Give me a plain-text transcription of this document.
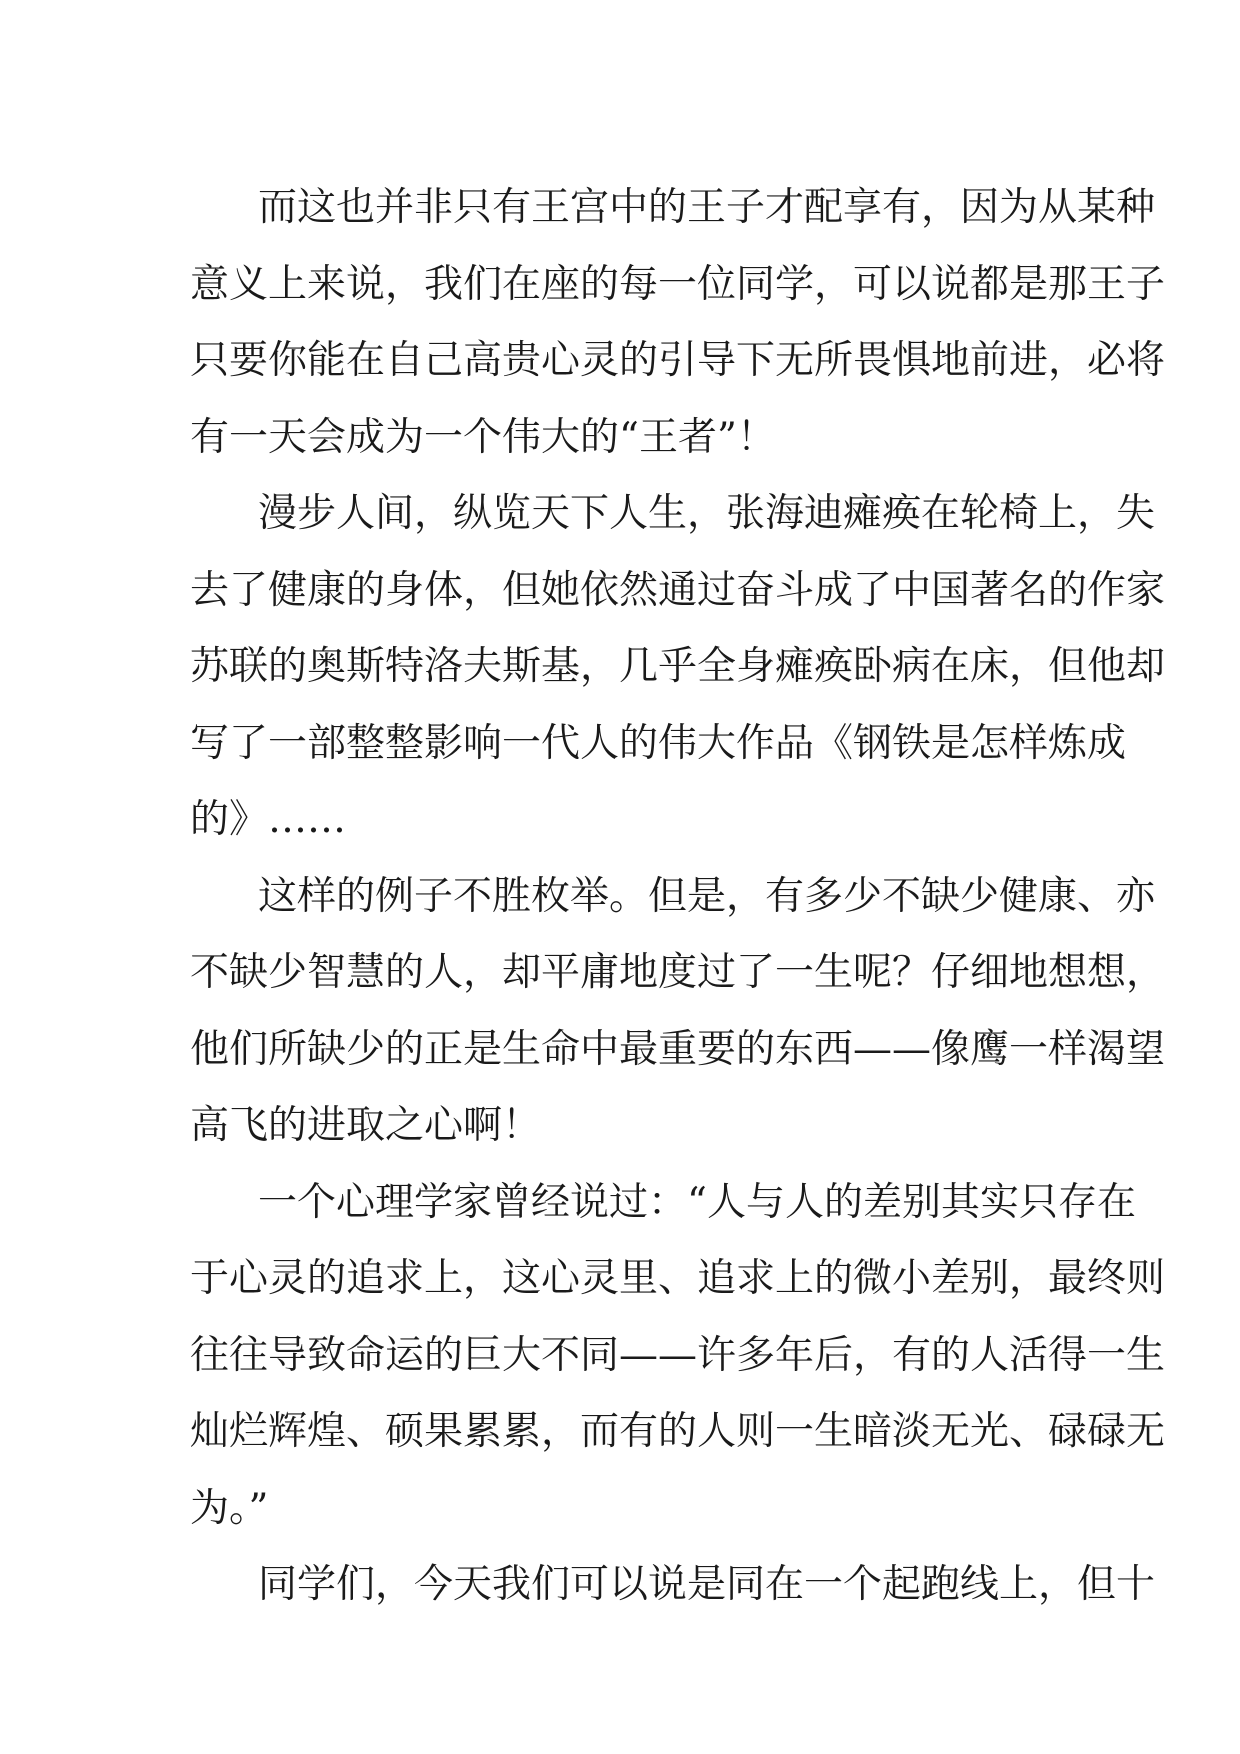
而这也并非只有王宫中的王子才配享有，因为从某种
意义上来说，我们在座的每一位同学，可以说都是那王子
只要你能在自己高贵心灵的引导下无所畏惧地前进，必将
有一天会成为一个伟大的“王者”！
漫步人间，纵览天下人生，张海迪瘫痪在轮椅上，失
去了健康的身体，但她依然通过奋斗成了中国著名的作家
苏联的奥斯特洛夫斯基，几乎全身瘫痪卧病在床，但他却
写了一部整整影响一代人的伟大作品《钢铁是怎样炼成
的》……
这样的例子不胜枚举。但是，有多少不缺少健康、亦
不缺少智慧的人，却平庸地度过了一生呢？仔细地想想，
他们所缺少的正是生命中最重要的东西——像鹰一样渴望
高飞的进取之心啊！
一个心理学家曾经说过：“人与人的差别其实只存在
于心灵的追求上，这心灵里、追求上的微小差别，最终则
往往导致命运的巨大不同——许多年后，有的人活得一生
灿烂辉煌、硕果累累，而有的人则一生暗淡无光、碌碌无
为。”
同学们，今天我们可以说是同在一个起跑线上，但十
